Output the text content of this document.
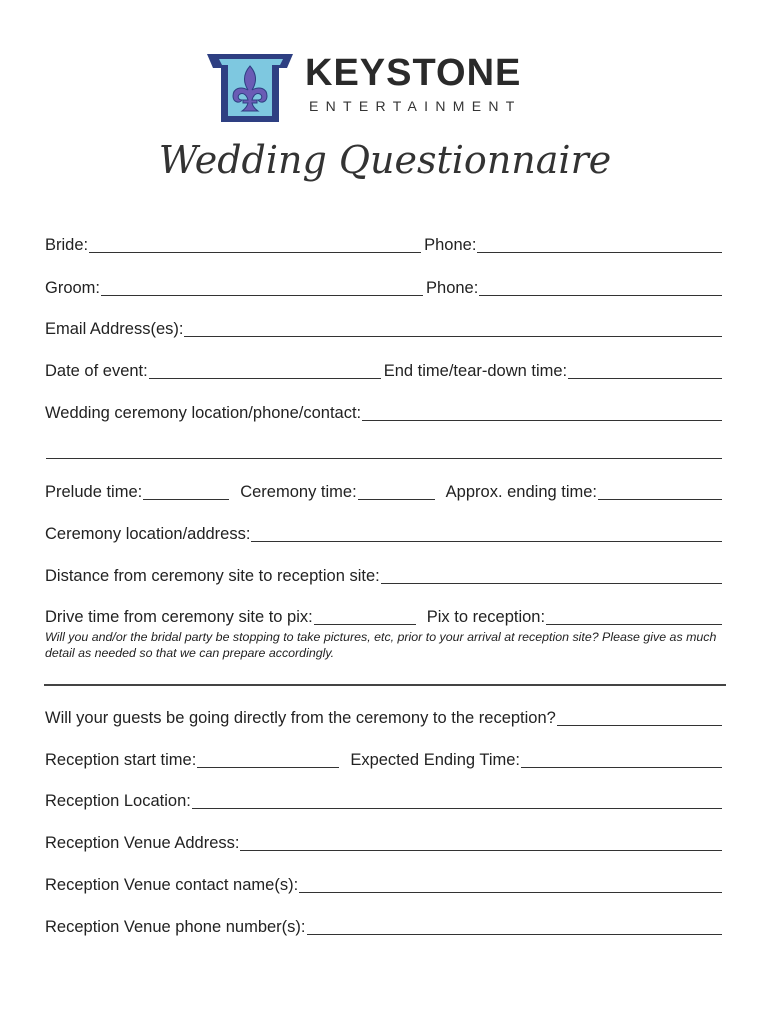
KEYSTONE
ENTERTAINMENT
Wedding Questionnaire
Bride:	Phone:
Groom:	Phone:
Email Address(es):
Date of event:	End time/tear-down time:
Wedding ceremony location/phone/contact:
Prelude time:	Ceremony time:	Approx. ending time:
Ceremony location/address:
Distance from ceremony site to reception site:
Drive time from ceremony site to pix:	Pix to reception:
Will you and/or the bridal party be stopping to take pictures, etc, prior to your arrival at reception site? Please give as much detail as needed so that we can prepare accordingly.
Will your guests be going directly from the ceremony to the reception?
Reception start time:	Expected Ending Time:
Reception Location:
Reception Venue Address:
Reception Venue contact name(s):
Reception Venue phone number(s):
